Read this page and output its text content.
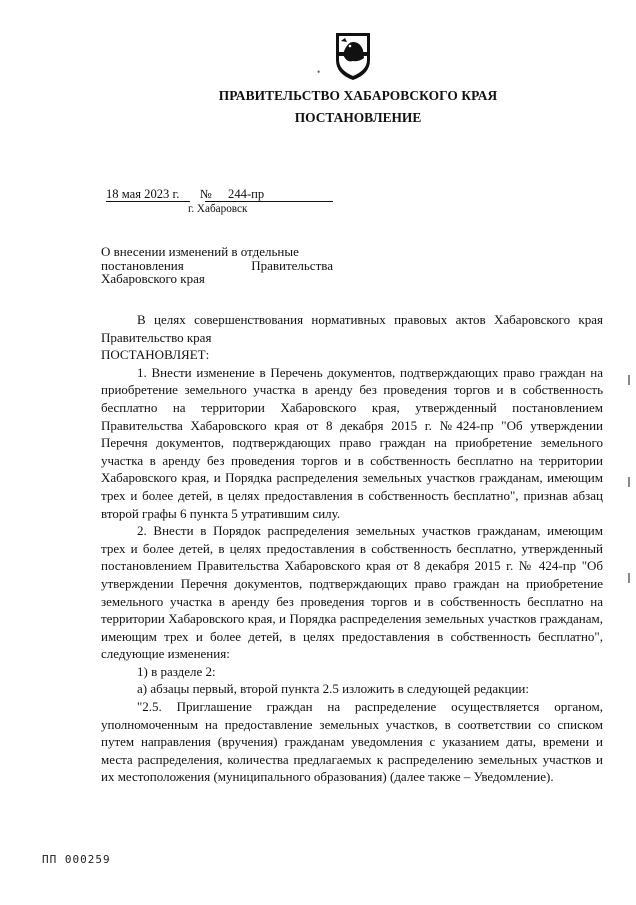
•
ПРАВИТЕЛЬСТВО ХАБАРОВСКОГО КРАЯ
ПОСТАНОВЛЕНИЕ
18 мая 2023 г. № 244-пр
г. Хабаровск
О внесении изменений в отдельные
постановления Правительства
Хабаровского края

В целях совершенствования нормативных правовых актов Хабаровского края Правительство края

ПОСТАНОВЛЯЕТ:

1. Внести изменение в Перечень документов, подтверждающих право граждан на приобретение земельного участка в аренду без проведения торгов и в собственность бесплатно на территории Хабаровского края, утвержденный постановлением Правительства Хабаровского края от 8 декабря 2015 г. №424-пр "Об утверждении Перечня документов, подтверждающих право граждан на приобретение земельного участка в аренду без проведения торгов и в собственность бесплатно на территории Хабаровского края, и Порядка распределения земельных участков гражданам, имеющим трех и более детей, в целях предоставления в собственность бесплатно", признав абзац второй графы 6 пункта 5 утратившим силу.

2. Внести в Порядок распределения земельных участков гражданам, имеющим трех и более детей, в целях предоставления в собственность бесплатно, утвержденный постановлением Правительства Хабаровского края от 8 декабря 2015 г. № 424-пр "Об утверждении Перечня документов, подтверждающих право граждан на приобретение земельного участка в аренду без проведения торгов и в собственность бесплатно на территории Хабаровского края, и Порядка распределения земельных участков гражданам, имеющим трех и более детей, в целях предоставления в собственность бесплатно", следующие изменения:

1) в разделе 2:

а) абзацы первый, второй пункта 2.5 изложить в следующей редакции:

"2.5. Приглашение граждан на распределение осуществляется органом, уполномоченным на предоставление земельных участков, в соответствии со списком путем направления (вручения) гражданам уведомления с указанием даты, времени и места распределения, количества предлагаемых к распределению земельных участков и их местоположения (муниципального образования) (далее также – Уведомление).

ПП 000259
